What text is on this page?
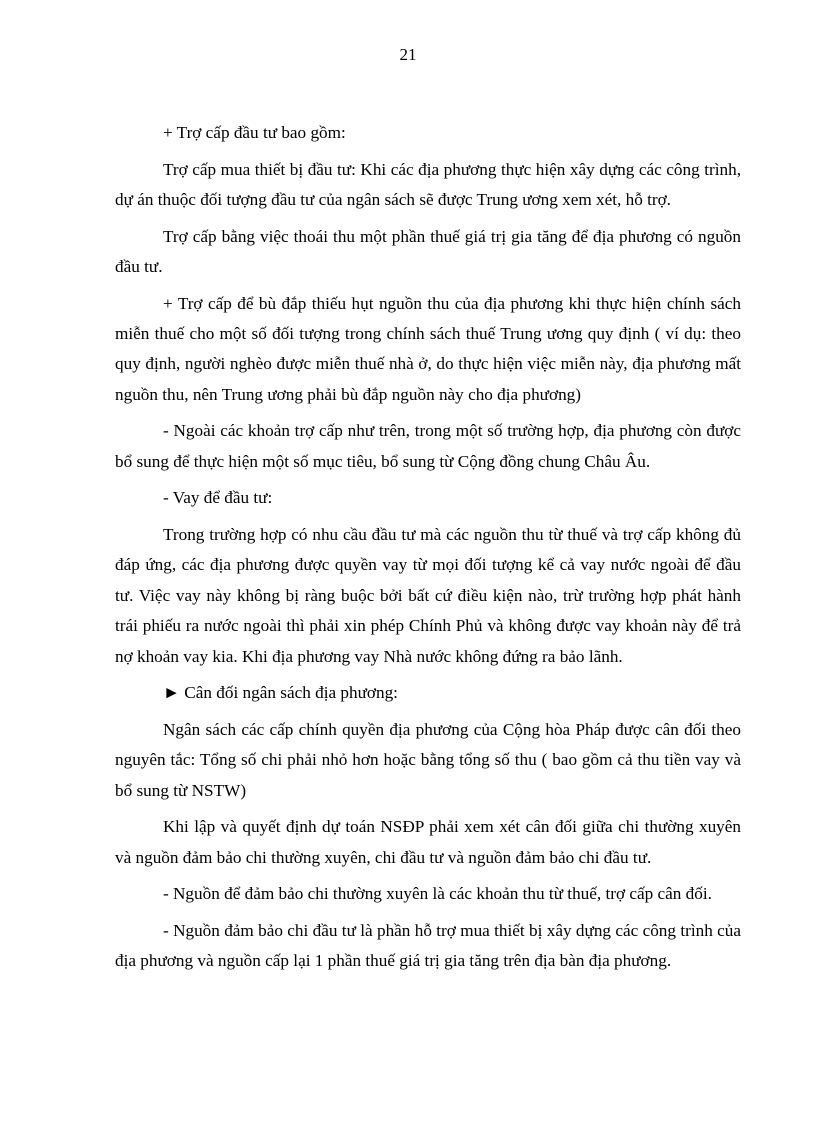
21

+ Trợ cấp đầu tư bao gồm:

Trợ cấp mua thiết bị đầu tư: Khi các địa phương thực hiện xây dựng các công trình, dự án thuộc đối tượng đầu tư của ngân sách sẽ được Trung ương xem xét, hỗ trợ.

Trợ cấp bằng việc thoái thu một phần thuế giá trị gia tăng để địa phương có nguồn đầu tư.

+ Trợ cấp để bù đắp thiếu hụt nguồn thu của địa phương khi thực hiện chính sách miễn thuế cho một số đối tượng trong chính sách thuế Trung ương quy định ( ví dụ: theo quy định, người nghèo được miễn thuế nhà ở, do thực hiện việc miễn này, địa phương mất nguồn thu, nên Trung ương phải bù đắp nguồn này cho địa phương)

- Ngoài các khoản trợ cấp như trên, trong một số trường hợp, địa phương còn được bổ sung để thực hiện một số mục tiêu, bổ sung từ Cộng đồng chung Châu Âu.

- Vay để đầu tư:

Trong trường hợp có nhu cầu đầu tư mà các nguồn thu từ thuế và trợ cấp không đủ đáp ứng, các địa phương được quyền vay từ mọi đối tượng kể cả vay nước ngoài để đầu tư. Việc vay này không bị ràng buộc bởi bất cứ điều kiện nào, trừ trường hợp phát hành trái phiếu ra nước ngoài thì phải xin phép Chính Phủ và không được vay khoản này để trả nợ khoản vay kia. Khi địa phương vay Nhà nước không đứng ra bảo lãnh.

► Cân đối ngân sách địa phương:

Ngân sách các cấp chính quyền địa phương của Cộng hòa Pháp được cân đối theo nguyên tắc: Tổng số chi phải nhỏ hơn hoặc bằng tổng số thu ( bao gồm cả thu tiền vay và bổ sung từ NSTW)

Khi lập và quyết định dự toán NSĐP phải xem xét cân đối giữa chi thường xuyên và nguồn đảm bảo chi thường xuyên, chi đầu tư và nguồn đảm bảo chi đầu tư.

- Nguồn để đảm bảo chi thường xuyên là các khoản thu từ thuế, trợ cấp cân đối.

- Nguồn đảm bảo chi đầu tư là phần hỗ trợ mua thiết bị xây dựng các công trình của địa phương và nguồn cấp lại 1 phần thuế giá trị gia tăng trên địa bàn địa phương.
